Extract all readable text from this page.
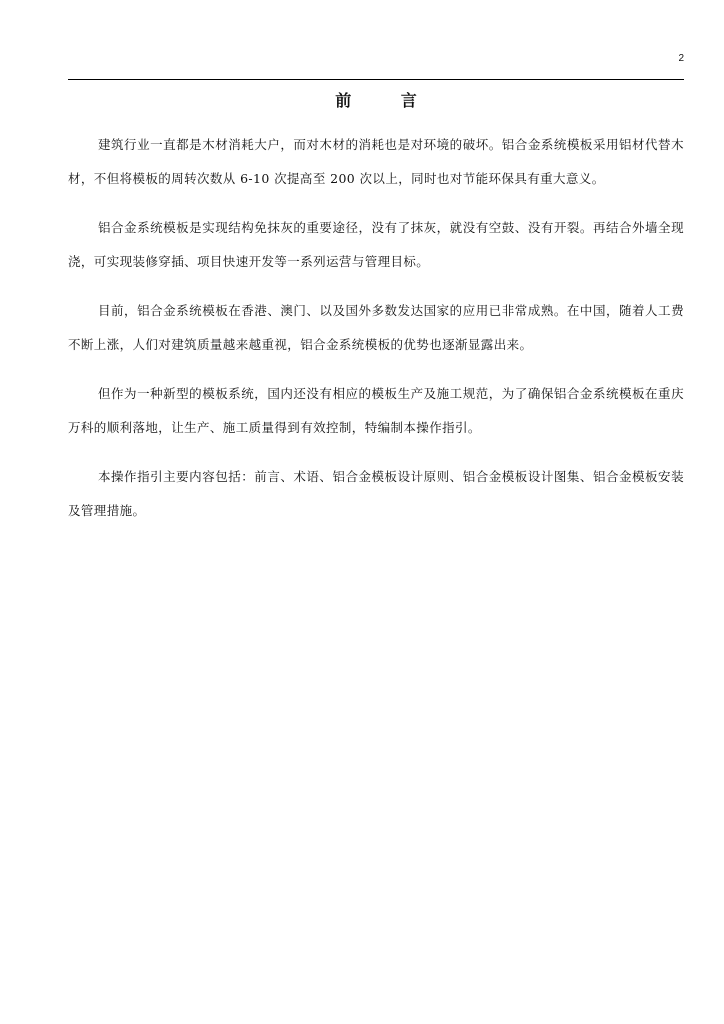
2
前 言

建筑行业一直都是木材消耗大户，而对木材的消耗也是对环境的破坏。铝合金系统模板采用铝材代替木材，不但将模板的周转次数从 6-10 次提高至 200 次以上，同时也对节能环保具有重大意义。

铝合金系统模板是实现结构免抹灰的重要途径，没有了抹灰，就没有空鼓、没有开裂。再结合外墙全现浇，可实现装修穿插、项目快速开发等一系列运营与管理目标。

目前，铝合金系统模板在香港、澳门、以及国外多数发达国家的应用已非常成熟。在中国，随着人工费不断上涨，人们对建筑质量越来越重视，铝合金系统模板的优势也逐渐显露出来。

但作为一种新型的模板系统，国内还没有相应的模板生产及施工规范，为了确保铝合金系统模板在重庆万科的顺利落地，让生产、施工质量得到有效控制，特编制本操作指引。

本操作指引主要内容包括：前言、术语、铝合金模板设计原则、铝合金模板设计图集、铝合金模板安装及管理措施。
